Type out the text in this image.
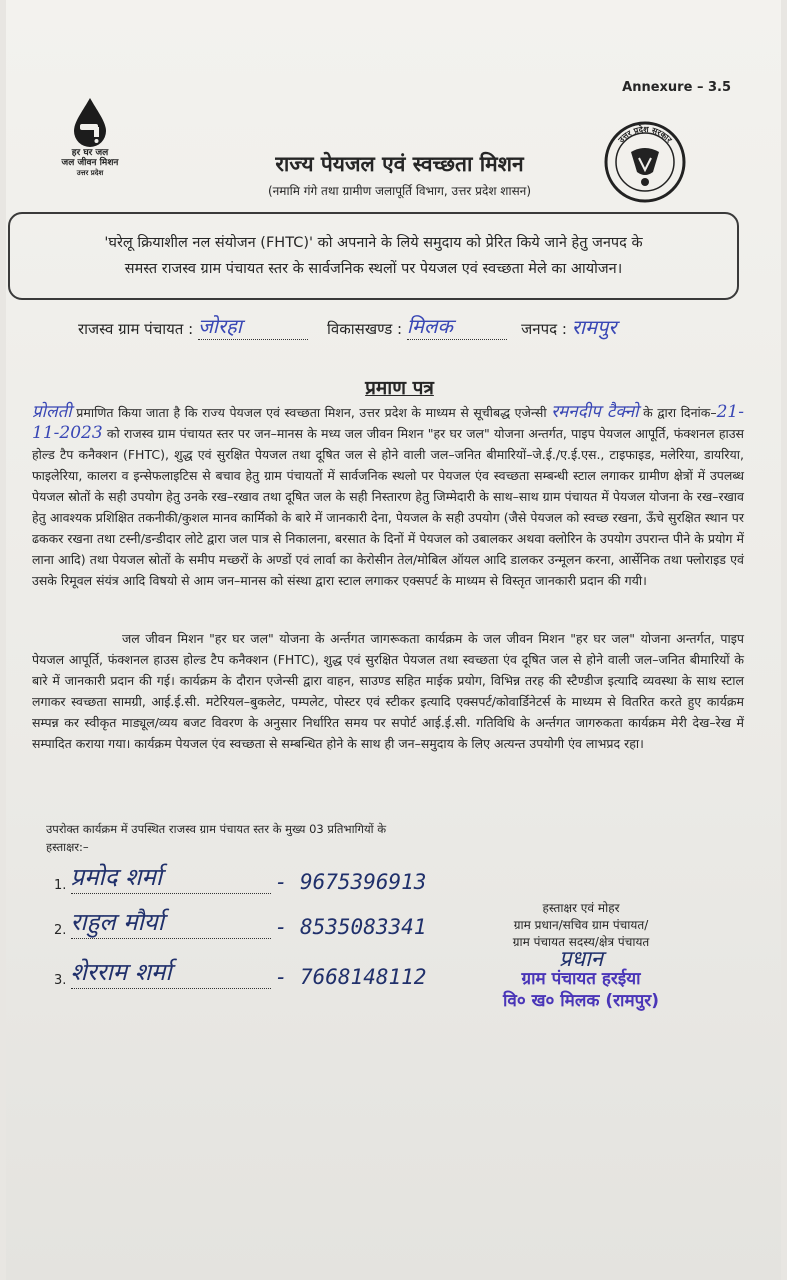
Annexure – 3.5
हर घर जल
जल जीवन मिशन
उत्तर प्रदेश
उत्तर प्रदेश सरकार
राज्य पेयजल एवं स्वच्छता मिशन
(नमामि गंगे तथा ग्रामीण जलापूर्ति विभाग, उत्तर प्रदेश शासन)
'घरेलू क्रियाशील नल संयोजन (FHTC)' को अपनाने के लिये समुदाय को प्रेरित किये जाने हेतु जनपद के
समस्त राजस्व ग्राम पंचायत स्तर के सार्वजनिक स्थलों पर पेयजल एवं स्वच्छता मेले का आयोजन।
राजस्व ग्राम पंचायत : जोरहा	विकासखण्ड : मिलक	जनपद : रामपुर
प्रमाण पत्र
प्रोलती प्रमाणित किया जाता है कि राज्य पेयजल एवं स्वच्छता मिशन, उत्तर प्रदेश के माध्यम से सूचीबद्ध एजेन्सी रमनदीप टैक्नो के द्वारा दिनांक–21-11-2023 को राजस्व ग्राम पंचायत स्तर पर जन–मानस के मध्य जल जीवन मिशन "हर घर जल" योजना अन्तर्गत, पाइप पेयजल आपूर्ति, फंक्शनल हाउस होल्ड टैप कनैक्शन (FHTC), शुद्ध एवं सुरक्षित पेयजल तथा दूषित जल से होने वाली जल–जनित बीमारियों–जे.ई./ए.ई.एस., टाइफाइड, मलेरिया, डायरिया, फाइलेरिया, कालरा व इन्सेफलाइटिस से बचाव हेतु ग्राम पंचायतों में सार्वजनिक स्थलो पर पेयजल एंव स्वच्छता सम्बन्धी स्टाल लगाकर ग्रामीण क्षेत्रों में उपलब्ध पेयजल स्रोतों के सही उपयोग हेतु उनके रख–रखाव तथा दूषित जल के सही निस्तारण हेतु जिम्मेदारी के साथ–साथ ग्राम पंचायत में पेयजल योजना के रख–रखाव हेतु आवश्यक प्रशिक्षित तकनीकी/कुशल मानव कार्मिको के बारे में जानकारी देना, पेयजल के सही उपयोग (जैसे पेयजल को स्वच्छ रखना, ऊँचे सुरक्षित स्थान पर ढककर रखना तथा टस्नी/डन्डीदार लोटे द्वारा जल पात्र से निकालना, बरसात के दिनों में पेयजल को उबालकर अथवा क्लोरिन के उपयोग उपरान्त पीने के प्रयोग में लाना आदि) तथा पेयजल स्रोतों के समीप मच्छरों के अण्डों एवं लार्वा का केरोसीन तेल/मोबिल ऑयल आदि डालकर उन्मूलन करना, आर्सेनिक तथा फ्लोराइड एवं उसके रिमूवल संयंत्र आदि विषयो से आम जन–मानस को संस्था द्वारा स्टाल लगाकर एक्सपर्ट के माध्यम से विस्तृत जानकारी प्रदान की गयी।
जल जीवन मिशन "हर घर जल" योजना के अर्न्तगत जागरूकता कार्यक्रम के जल जीवन मिशन "हर घर जल" योजना अन्तर्गत, पाइप पेयजल आपूर्ति, फंक्शनल हाउस होल्ड टैप कनैक्शन (FHTC), शुद्ध एवं सुरक्षित पेयजल तथा स्वच्छता एंव दूषित जल से होने वाली जल–जनित बीमारियों के बारे में जानकारी प्रदान की गई। कार्यक्रम के दौरान एजेन्सी द्वारा वाहन, साउण्ड सहित माईक प्रयोग, विभिन्न तरह की स्टैण्डीज इत्यादि व्यवस्था के साथ स्टाल लगाकर स्वच्छता सामग्री, आई.ई.सी. मटेरियल–बुकलेट, पम्पलेट, पोस्टर एवं स्टीकर इत्यादि एक्सपर्ट/कोवार्डिनेटर्स के माध्यम से वितरित करते हुए कार्यक्रम सम्पन्न कर स्वीकृत माड्यूल/व्यय बजट विवरण के अनुसार निर्धारित समय पर सपोर्ट आई.ई.सी. गतिविधि के अर्न्तगत जागरुकता कार्यक्रम मेरी देख–रेख में सम्पादित कराया गया। कार्यक्रम पेयजल एंव स्वच्छता से सम्बन्धित होने के साथ ही जन–समुदाय के लिए अत्यन्त उपयोगी एंव लाभप्रद रहा।
उपरोक्त कार्यक्रम में उपस्थित राजस्व ग्राम पंचायत स्तर के मुख्य 03 प्रतिभागियों के
हस्ताक्षर:–
1. प्रमोद शर्मा	- 9675396913
2. राहुल मौर्या	- 8535083341
3. शेरराम शर्मा	- 7668148112
हस्ताक्षर एवं मोहर
ग्राम प्रधान/सचिव ग्राम पंचायत/
ग्राम पंचायत सदस्य/क्षेत्र पंचायत
प्रधान
ग्राम पंचायत हरईया
वि० ख० मिलक (रामपुर)
